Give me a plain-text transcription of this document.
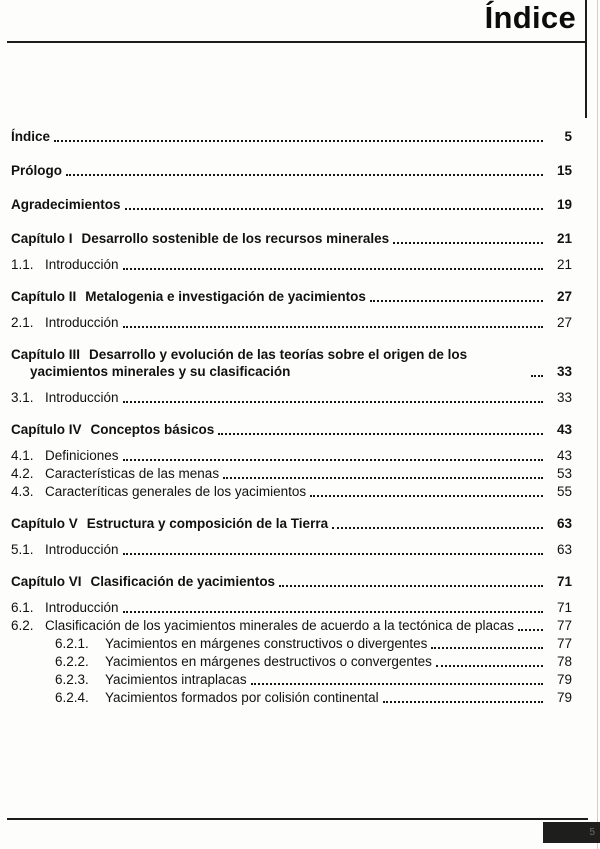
Índice
Índice	5
Prólogo	15
Agradecimientos	19
Capítulo I Desarrollo sostenible de los recursos minerales	21
1.1. Introducción	21
Capítulo II Metalogenia e investigación de yacimientos	27
2.1. Introducción	27
Capítulo III Desarrollo y evolución de las teorías sobre el origen de los yacimientos minerales y su clasificación	33
3.1. Introducción	33
Capítulo IV Conceptos básicos	43
4.1. Definiciones	43
4.2. Características de las menas	53
4.3. Caracteríticas generales de los yacimientos	55
Capítulo V Estructura y composición de la Tierra	63
5.1. Introducción	63
Capítulo VI Clasificación de yacimientos	71
6.1. Introducción	71
6.2. Clasificación de los yacimientos minerales de acuerdo a la tectónica de placas	77
6.2.1. Yacimientos en márgenes constructivos o divergentes	77
6.2.2. Yacimientos en márgenes destructivos o convergentes	78
6.2.3. Yacimientos intraplacas	79
6.2.4. Yacimientos formados por colisión continental	79
5
